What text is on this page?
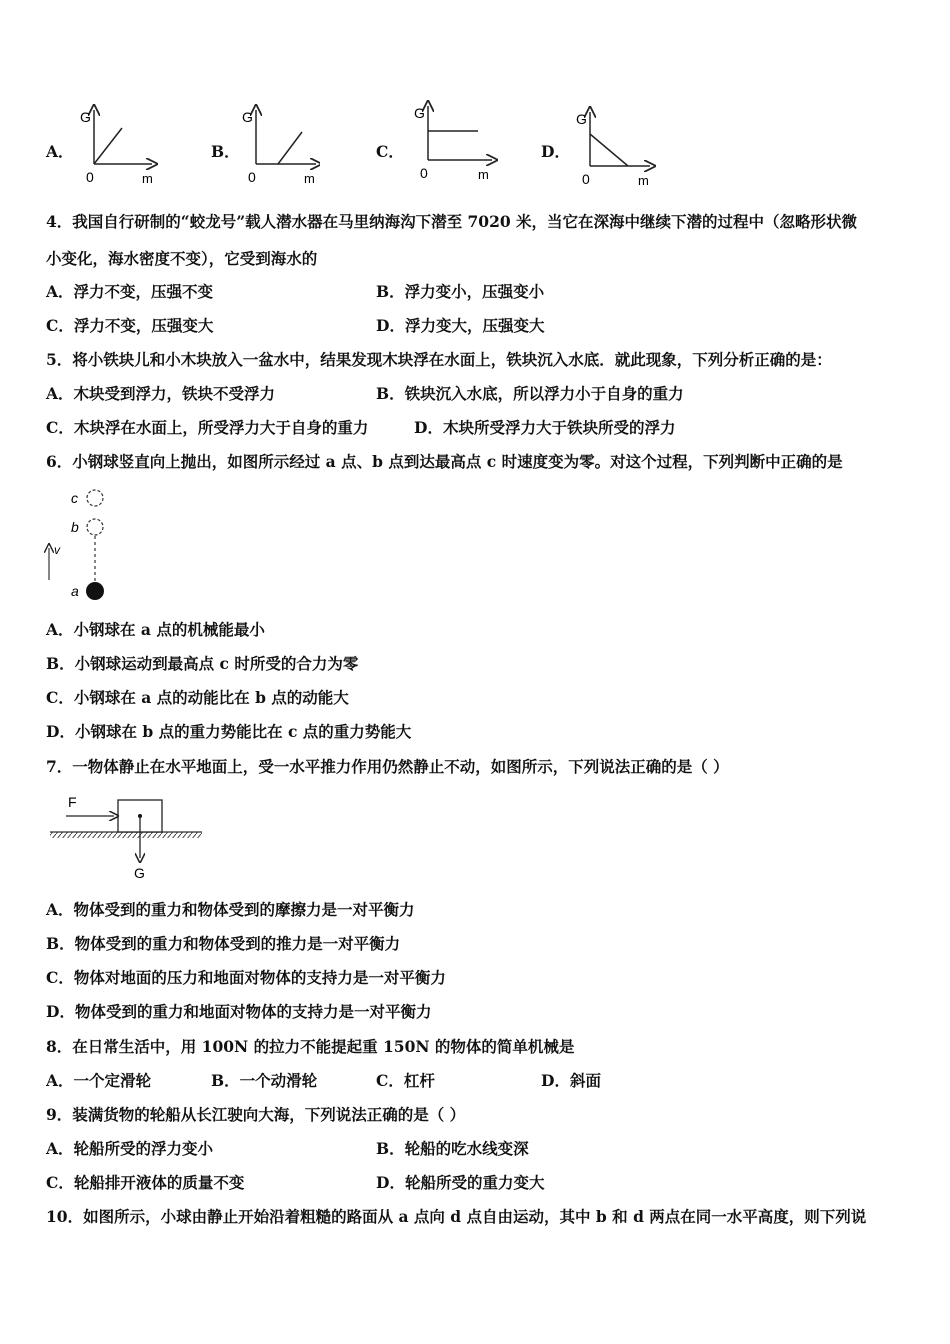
A．	B．	C．	D．
G
0	m
G
0	m
G
0	m
G
0	m
4．我国自行研制的“蛟龙号”载人潜水器在马里纳海沟下潜至 7020 米，当它在深海中继续下潜的过程中（忽略形状微
小变化，海水密度不变），它受到海水的
A．浮力不变，压强不变	B．浮力变小，压强变小
C．浮力不变，压强变大	D．浮力变大，压强变大
5．将小铁块儿和小木块放入一盆水中，结果发现木块浮在水面上，铁块沉入水底．就此现象，下列分析正确的是：
A．木块受到浮力，铁块不受浮力	B．铁块沉入水底，所以浮力小于自身的重力
C．木块浮在水面上，所受浮力大于自身的重力	D．木块所受浮力大于铁块所受的浮力
6．小钢球竖直向上抛出，如图所示经过 a 点、b 点到达最高点 c 时速度变为零。对这个过程，下列判断中正确的是
c
b
a
v
A．小钢球在 a 点的机械能最小
B．小钢球运动到最高点 c 时所受的合力为零
C．小钢球在 a 点的动能比在 b 点的动能大
D．小钢球在 b 点的重力势能比在 c 点的重力势能大
7．一物体静止在水平地面上，受一水平推力作用仍然静止不动，如图所示，下列说法正确的是（ ）
F
G
A．物体受到的重力和物体受到的摩擦力是一对平衡力
B．物体受到的重力和物体受到的推力是一对平衡力
C．物体对地面的压力和地面对物体的支持力是一对平衡力
D．物体受到的重力和地面对物体的支持力是一对平衡力
8．在日常生活中，用 100N 的拉力不能提起重 150N 的物体的简单机械是
A．一个定滑轮	B．一个动滑轮	C．杠杆	D．斜面
9．装满货物的轮船从长江驶向大海，下列说法正确的是（ ）
A．轮船所受的浮力变小	B．轮船的吃水线变深
C．轮船排开液体的质量不变	D．轮船所受的重力变大
10．如图所示，小球由静止开始沿着粗糙的路面从 a 点向 d 点自由运动，其中 b 和 d 两点在同一水平高度，则下列说
